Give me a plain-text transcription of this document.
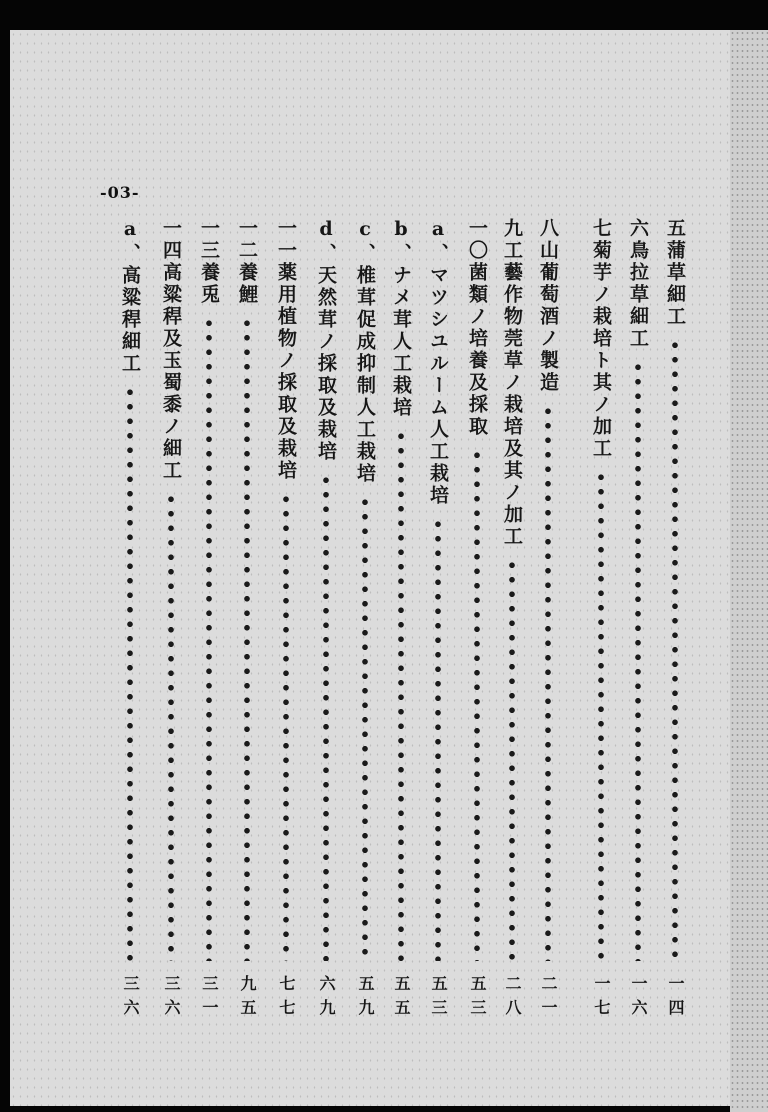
-03-
五蒲草細工
一四
六鳥拉草細工
一六
七菊芋ノ栽培ト其ノ加工
一七
八山葡萄酒ノ製造
二一
九工藝作物莞草ノ栽培及其ノ加工
二八
一〇菌類ノ培養及採取
五三
a、マツシユルーム人工栽培
五三
b、ナメ茸人工栽培
五五
c、椎茸促成抑制人工栽培
五九
d、天然茸ノ採取及栽培
六九
一一薬用植物ノ採取及栽培
七七
一二養鯉
九五
一三養兎
三一
一四高粱稈及玉蜀黍ノ細工
三六
a、高粱稈細工
三六
